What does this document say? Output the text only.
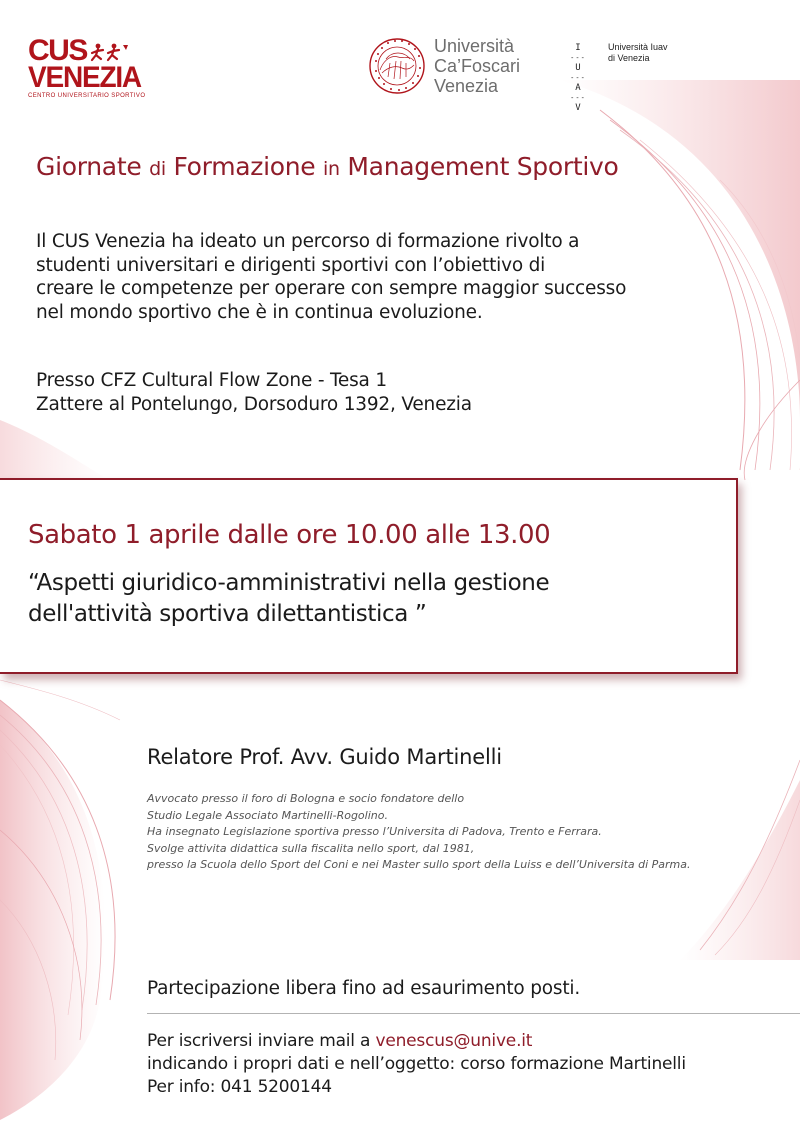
CUS
VENEZIA
CENTRO UNIVERSITARIO SPORTIVO
Università
Ca’Foscari
Venezia
I
---
U
---
A
---
V
Università Iuav
di Venezia
Giornate di Formazione in Management Sportivo
Il CUS Venezia ha ideato un percorso di formazione rivolto a
studenti universitari e dirigenti sportivi con l’obiettivo di
creare le competenze per operare con sempre maggior successo
nel mondo sportivo che è in continua evoluzione.
Presso CFZ Cultural Flow Zone - Tesa 1
Zattere al Pontelungo, Dorsoduro 1392, Venezia
Sabato 1 aprile dalle ore 10.00 alle 13.00
“Aspetti giuridico-amministrativi nella gestione
dell'attività sportiva dilettantistica ”
Relatore Prof. Avv. Guido Martinelli
Avvocato presso il foro di Bologna e socio fondatore dello
Studio Legale Associato Martinelli-Rogolino.
Ha insegnato Legislazione sportiva presso l’Universita di Padova, Trento e Ferrara.
Svolge attivita didattica sulla fiscalita nello sport, dal 1981,
presso la Scuola dello Sport del Coni e nei Master sullo sport della Luiss e dell’Universita di Parma.
Partecipazione libera fino ad esaurimento posti.
Per iscriversi inviare mail a venescus@unive.it
indicando i propri dati e nell’oggetto: corso formazione Martinelli
Per info: 041 5200144
